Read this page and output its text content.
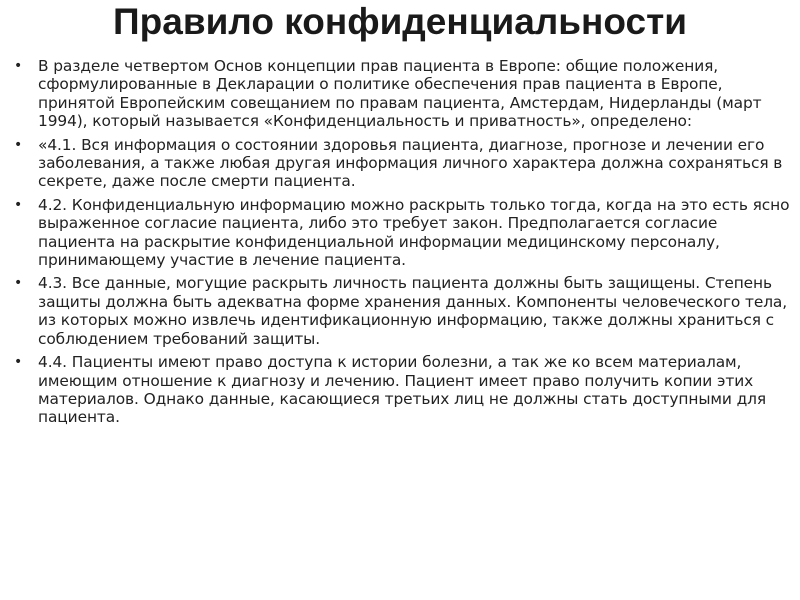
Правило конфиденциальности
• В разделе четвертом Основ концепции прав пациента в Европе: общие положения, сформулированные в Декларации о политике обеспечения прав пациента в Европе, принятой Европейским совещанием по правам пациента, Амстердам, Нидерланды (март 1994), который называется «Конфиденциальность и приватность», определено:
• «4.1. Вся информация о состоянии здоровья пациента, диагнозе, прогнозе и лечении его заболевания, а также любая другая информация личного характера должна сохраняться в секрете, даже после смерти пациента.
• 4.2. Конфиденциальную информацию можно раскрыть только тогда, когда на это есть ясно выраженное согласие пациента, либо это требует закон. Предполагается согласие пациента на раскрытие конфиденциальной информации медицинскому персоналу, принимающему участие в лечение пациента.
• 4.3. Все данные, могущие раскрыть личность пациента должны быть защищены. Степень защиты должна быть адекватна форме хранения данных. Компоненты человеческого тела, из которых можно извлечь идентификационную информацию, также должны храниться с соблюдением требований защиты.
• 4.4. Пациенты имеют право доступа к истории болезни, а так же ко всем материалам, имеющим отношение к диагнозу и лечению. Пациент имеет право получить копии этих материалов. Однако данные, касающиеся третьих лиц не должны стать доступными для пациента.
